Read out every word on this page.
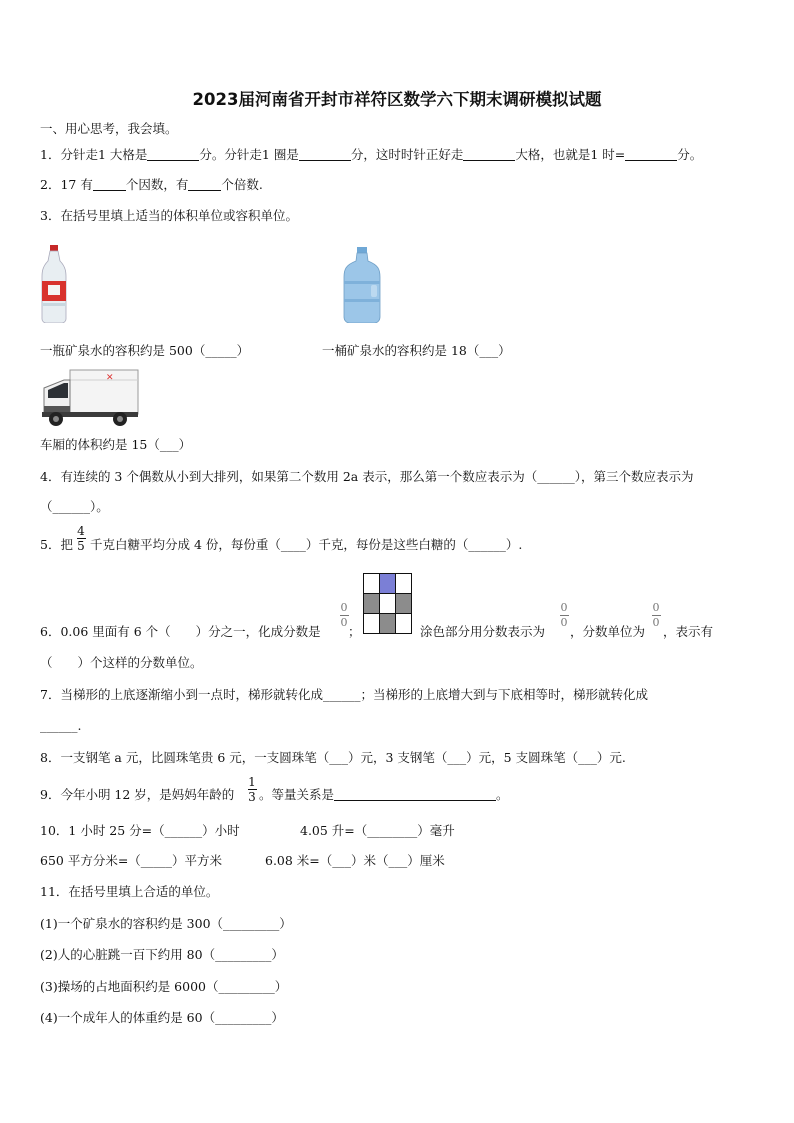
2023届河南省开封市祥符区数学六下期末调研模拟试题
一、用心思考，我会填。
1．分针走1 大格是	分。分针走1 圈是	分，这时时针正好走	大格，也就是1 时=	分。
2．17 有	个因数，有	个倍数.
3．在括号里填上适当的体积单位或容积单位。
一瓶矿泉水的容积约是 500（_____）	一桶矿泉水的容积约是 18（___）
✕
车厢的体积约是 15（___）
4．有连续的 3 个偶数从小到大排列，如果第二个数用 2a 表示，那么第一个数应表示为（______），第三个数应表示为
（______）。
5．把
4
5 千克白糖平均分成 4 份，每份重（____）千克，每份是这些白糖的（______）.
6．0.06 里面有 6 个（　　）分之一，化成分数是
0
0
；	涂色部分用分数表示为
0
0
，分数单位为
0
0
，表示有
（　　）个这样的分数单位。
7．当梯形的上底逐渐缩小到一点时，梯形就转化成______；当梯形的上底增大到与下底相等时，梯形就转化成
______.
8．一支钢笔 a 元，比圆珠笔贵 6 元，一支圆珠笔（___）元，3 支钢笔（___）元，5 支圆珠笔（___）元.
9．今年小明 12 岁，是妈妈年龄的
1
3 。等量关系是	。
10．1 小时 25 分=（______）小时	4.05 升=（________）毫升
650 平方分米=（_____）平方米	6.08 米=（___）米（___）厘米
11．在括号里填上合适的单位。
(1)一个矿泉水的容积约是 300（_________）
(2)人的心脏跳一百下约用 80（_________）
(3)操场的占地面积约是 6000（_________）
(4)一个成年人的体重约是 60（_________）
